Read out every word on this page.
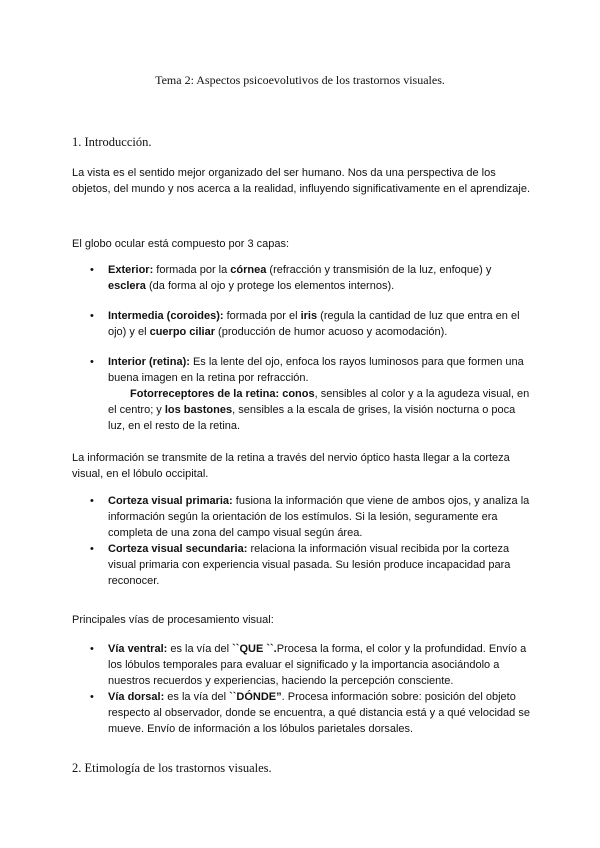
Tema 2: Aspectos psicoevolutivos de los trastornos visuales.
1. Introducción.
La vista es el sentido mejor organizado del ser humano. Nos da una perspectiva de los objetos, del mundo y nos acerca a la realidad, influyendo significativamente en el aprendizaje.
El globo ocular está compuesto por 3 capas:
• Exterior: formada por la córnea (refracción y transmisión de la luz, enfoque) y esclera (da forma al ojo y protege los elementos internos).
• Intermedia (coroides): formada por el iris (regula la cantidad de luz que entra en el ojo) y el cuerpo ciliar (producción de humor acuoso y acomodación).
• Interior (retina): Es la lente del ojo, enfoca los rayos luminosos para que formen una buena imagen en la retina por refracción.
Fotorreceptores de la retina: conos, sensibles al color y a la agudeza visual, en el centro; y los bastones, sensibles a la escala de grises, la visión nocturna o poca luz, en el resto de la retina.
La información se transmite de la retina a través del nervio óptico hasta llegar a la corteza visual, en el lóbulo occipital.
• Corteza visual primaria: fusiona la información que viene de ambos ojos, y analiza la información según la orientación de los estímulos. Si la lesión, seguramente era completa de una zona del campo visual según área.
• Corteza visual secundaria: relaciona la información visual recibida por la corteza visual primaria con experiencia visual pasada. Su lesión produce incapacidad para reconocer.
Principales vías de procesamiento visual:
• Vía ventral: es la vía del ``QUE ``.Procesa la forma, el color y la profundidad. Envío a los lóbulos temporales para evaluar el significado y la importancia asociándolo a nuestros recuerdos y experiencias, haciendo la percepción consciente.
• Vía dorsal: es la vía del ``DÓNDE”. Procesa información sobre: posición del objeto respecto al observador, donde se encuentra, a qué distancia está y a qué velocidad se mueve. Envío de información a los lóbulos parietales dorsales.
2. Etimología de los trastornos visuales.
